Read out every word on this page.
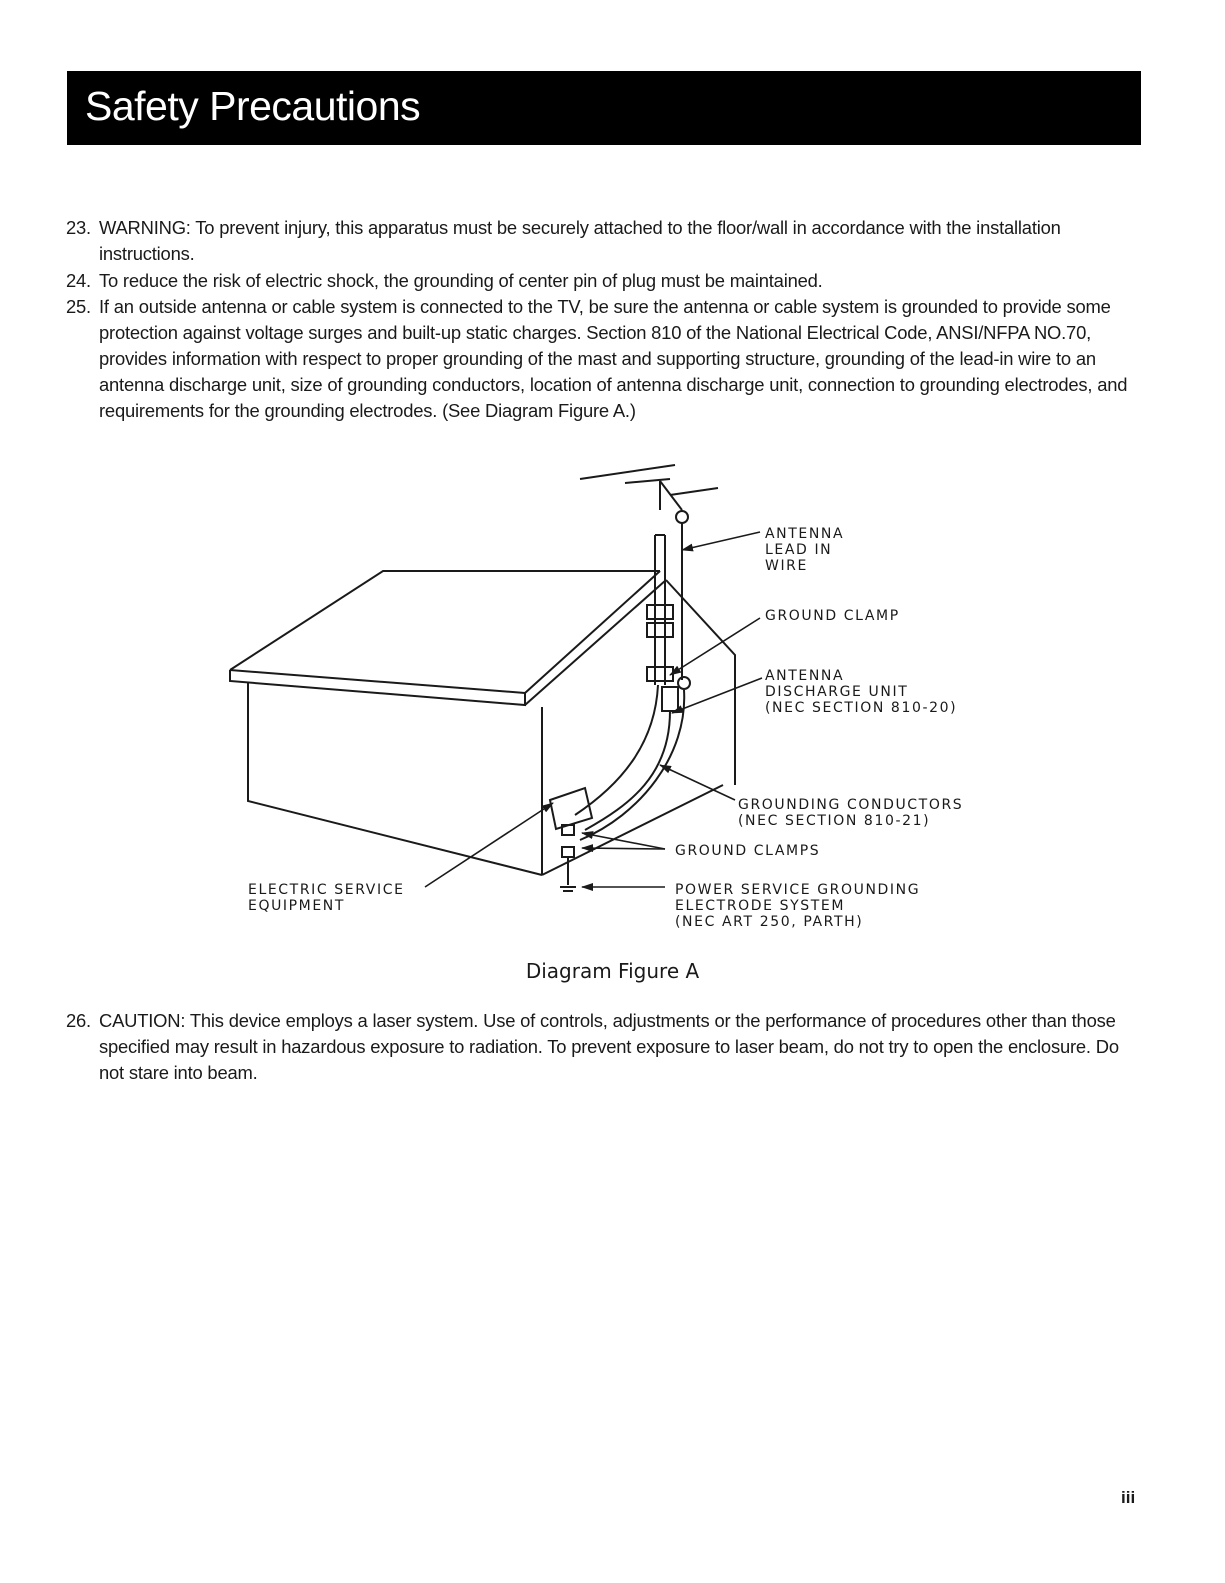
Safety Precautions
23. WARNING: To prevent injury, this apparatus must be securely attached to the floor/wall in accordance with the installation instructions.
24. To reduce the risk of electric shock, the grounding of center pin of plug must be maintained.
25. If an outside antenna or cable system is connected to the TV, be sure the antenna or cable system is grounded to provide some protection against voltage surges and built-up static charges. Section 810 of the National Electrical Code, ANSI/NFPA NO.70, provides information with respect to proper grounding of the mast and supporting structure, grounding of the lead-in wire to an antenna discharge unit, size of grounding conductors, location of antenna discharge unit, connection to grounding electrodes, and requirements for the grounding electrodes. (See Diagram Figure A.)
ANTENNA
LEAD IN
WIRE
GROUND CLAMP
ANTENNA
DISCHARGE UNIT
(NEC SECTION 810-20)
GROUNDING CONDUCTORS
(NEC SECTION 810-21)
GROUND CLAMPS
ELECTRIC SERVICE
EQUIPMENT
POWER SERVICE GROUNDING
ELECTRODE SYSTEM
(NEC ART 250, PARTH)
Diagram Figure A
26. CAUTION: This device employs a laser system. Use of controls, adjustments or the performance of procedures other than those specified may result in hazardous exposure to radiation. To prevent exposure to laser beam, do not try to open the enclosure. Do not stare into beam.
iii
